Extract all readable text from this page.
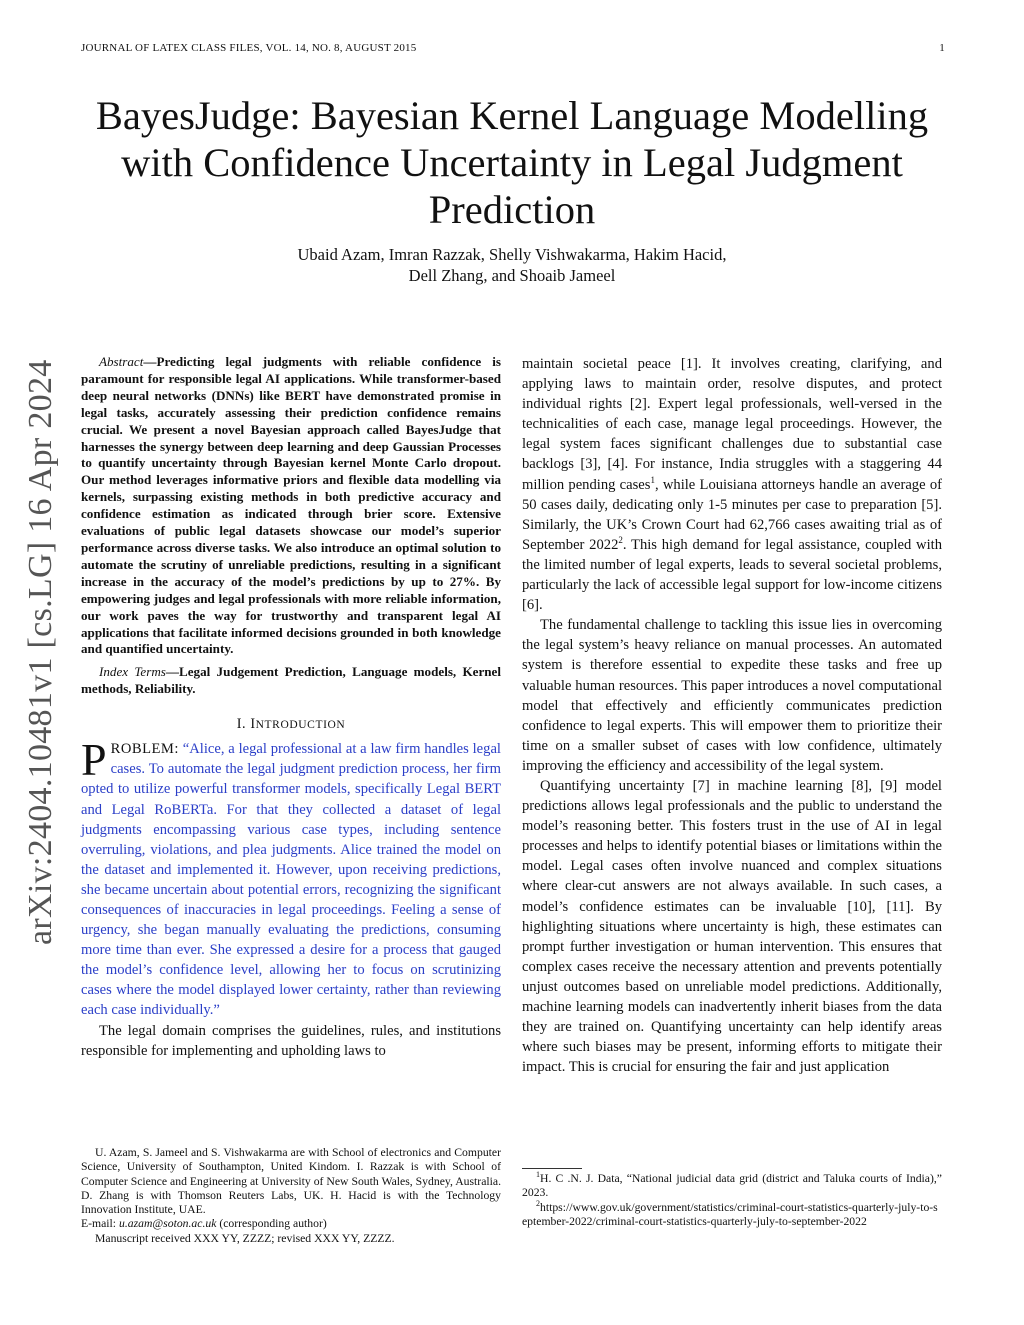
JOURNAL OF LATEX CLASS FILES, VOL. 14, NO. 8, AUGUST 2015	1
BayesJudge: Bayesian Kernel Language Modelling with Confidence Uncertainty in Legal Judgment Prediction
Ubaid Azam, Imran Razzak, Shelly Vishwakarma, Hakim Hacid,
Dell Zhang, and Shoaib Jameel
arXiv:2404.10481v1 [cs.LG] 16 Apr 2024	Abstract—Predicting legal judgments with reliable confidence is paramount for responsible legal AI applications. While transformer-based deep neural networks (DNNs) like BERT have demonstrated promise in legal tasks, accurately assessing their prediction confidence remains crucial. We present a novel Bayesian approach called BayesJudge that harnesses the synergy between deep learning and deep Gaussian Processes to quantify uncertainty through Bayesian kernel Monte Carlo dropout. Our method leverages informative priors and flexible data modelling via kernels, surpassing existing methods in both predictive accuracy and confidence estimation as indicated through brier score. Extensive evaluations of public legal datasets showcase our model’s superior performance across diverse tasks. We also introduce an optimal solution to automate the scrutiny of unreliable predictions, resulting in a significant increase in the accuracy of the model’s predictions by up to 27%. By empowering judges and legal professionals with more reliable information, our work paves the way for trustworthy and transparent legal AI applications that facilitate informed decisions grounded in both knowledge and quantified uncertainty.

Index Terms—Legal Judgement Prediction, Language models, Kernel methods, Reliability.

I. INTRODUCTION

PROBLEM: “Alice, a legal professional at a law firm handles legal cases. To automate the legal judgment prediction process, her firm opted to utilize powerful transformer models, specifically Legal BERT and Legal RoBERTa. For that they collected a dataset of legal judgments encompassing various case types, including sentence overruling, violations, and plea judgments. Alice trained the model on the dataset and implemented it. However, upon receiving predictions, she became uncertain about potential errors, recognizing the significant consequences of inaccuracies in legal proceedings. Feeling a sense of urgency, she began manually evaluating the predictions, consuming more time than ever. She expressed a desire for a process that gauged the model’s confidence level, allowing her to focus on scrutinizing cases where the model displayed lower certainty, rather than reviewing each case individually.”

The legal domain comprises the guidelines, rules, and institutions responsible for implementing and upholding laws to

maintain societal peace [1]. It involves creating, clarifying, and applying laws to maintain order, resolve disputes, and protect individual rights [2]. Expert legal professionals, well-versed in the technicalities of each case, manage legal proceedings. However, the legal system faces significant challenges due to substantial case backlogs [3], [4]. For instance, India struggles with a staggering 44 million pending cases$^1$, while Louisiana attorneys handle an average of 50 cases daily, dedicating only 1-5 minutes per case to preparation [5]. Similarly, the UK’s Crown Court had 62,766 cases awaiting trial as of September 2022$^2$. This high demand for legal assistance, coupled with the limited number of legal experts, leads to several societal problems, particularly the lack of accessible legal support for low-income citizens [6].

The fundamental challenge to tackling this issue lies in overcoming the legal system’s heavy reliance on manual processes. An automated system is therefore essential to expedite these tasks and free up valuable human resources. This paper introduces a novel computational model that effectively and efficiently communicates prediction confidence to legal experts. This will empower them to prioritize their time on a smaller subset of cases with low confidence, ultimately improving the efficiency and accessibility of the legal system.

Quantifying uncertainty [7] in machine learning [8], [9] model predictions allows legal professionals and the public to understand the model’s reasoning better. This fosters trust in the use of AI in legal processes and helps to identify potential biases or limitations within the model. Legal cases often involve nuanced and complex situations where clear-cut answers are not always available. In such cases, a model’s confidence estimates can be invaluable [10], [11]. By highlighting situations where uncertainty is high, these estimates can prompt further investigation or human intervention. This ensures that complex cases receive the necessary attention and prevents potentially unjust outcomes based on unreliable model predictions. Additionally, machine learning models can inadvertently inherit biases from the data they are trained on. Quantifying uncertainty can help identify areas where such biases may be present, informing efforts to mitigate their impact. This is crucial for ensuring the fair and just application

U. Azam, S. Jameel and S. Vishwakarma are with School of electronics and Computer Science, University of Southampton, United Kindom. I. Razzak is with School of Computer Science and Engineering at University of New South Wales, Sydney, Australia. D. Zhang is with Thomson Reuters Labs, UK. H. Hacid is with the Technology Innovation Institute, UAE.

E-mail: u.azam@soton.ac.uk (corresponding author)

Manuscript received XXX YY, ZZZZ; revised XXX YY, ZZZZ.

$^1$H. C .N. J. Data, “National judicial data grid (district and Taluka courts of India),” 2023.

$^2$https://www.gov.uk/government/statistics/criminal-court-statistics-quarterly-july-to-september-2022/criminal-court-statistics-quarterly-july-to-september-2022
